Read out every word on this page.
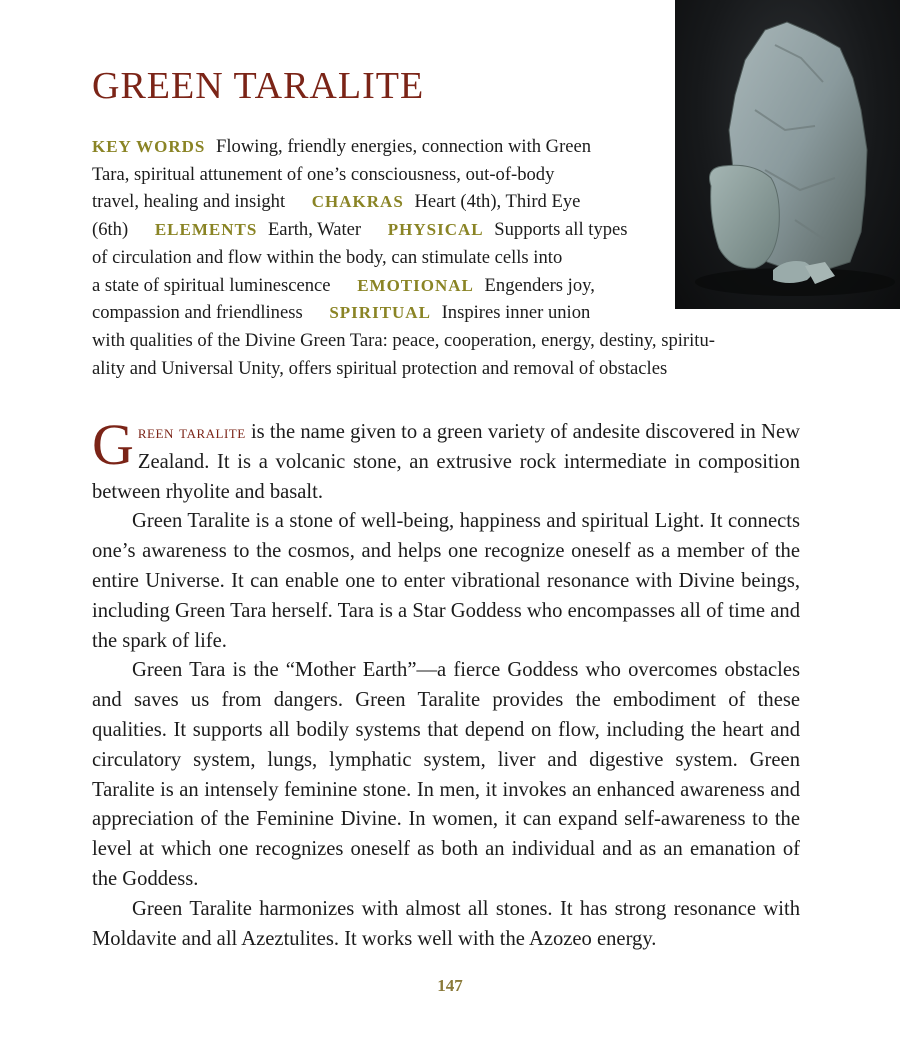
GREEN TARALITE
KEY WORDS Flowing, friendly energies, connection with Green
Tara, spiritual attunement of one’s consciousness, out-of-body
travel, healing and insight CHAKRAS Heart (4th), Third Eye
(6th) ELEMENTS Earth, Water PHYSICAL Supports all types
of circulation and flow within the body, can stimulate cells into
a state of spiritual luminescence EMOTIONAL Engenders joy,
compassion and friendliness SPIRITUAL Inspires inner union
with qualities of the Divine Green Tara: peace, cooperation, energy, destiny, spiritu-
ality and Universal Unity, offers spiritual protection and removal of obstacles

Green taralite is the name given to a green variety of andesite discovered in New Zealand. It is a volcanic stone, an extrusive rock intermediate in composition between rhyolite and basalt.

Green Taralite is a stone of well-being, happiness and spiritual Light. It connects one’s awareness to the cosmos, and helps one recognize oneself as a member of the entire Universe. It can enable one to enter vibrational resonance with Divine beings, including Green Tara herself. Tara is a Star Goddess who encompasses all of time and the spark of life.

Green Tara is the “Mother Earth”—a fierce Goddess who overcomes obstacles and saves us from dangers. Green Taralite provides the embodiment of these qualities. It supports all bodily systems that depend on flow, including the heart and circulatory system, lungs, lymphatic system, liver and digestive system. Green Taralite is an intensely feminine stone. In men, it invokes an enhanced awareness and appreciation of the Feminine Divine. In women, it can expand self-awareness to the level at which one recognizes oneself as both an individual and as an emanation of the Goddess.

Green Taralite harmonizes with almost all stones. It has strong resonance with Moldavite and all Azeztulites. It works well with the Azozeo energy.

147
